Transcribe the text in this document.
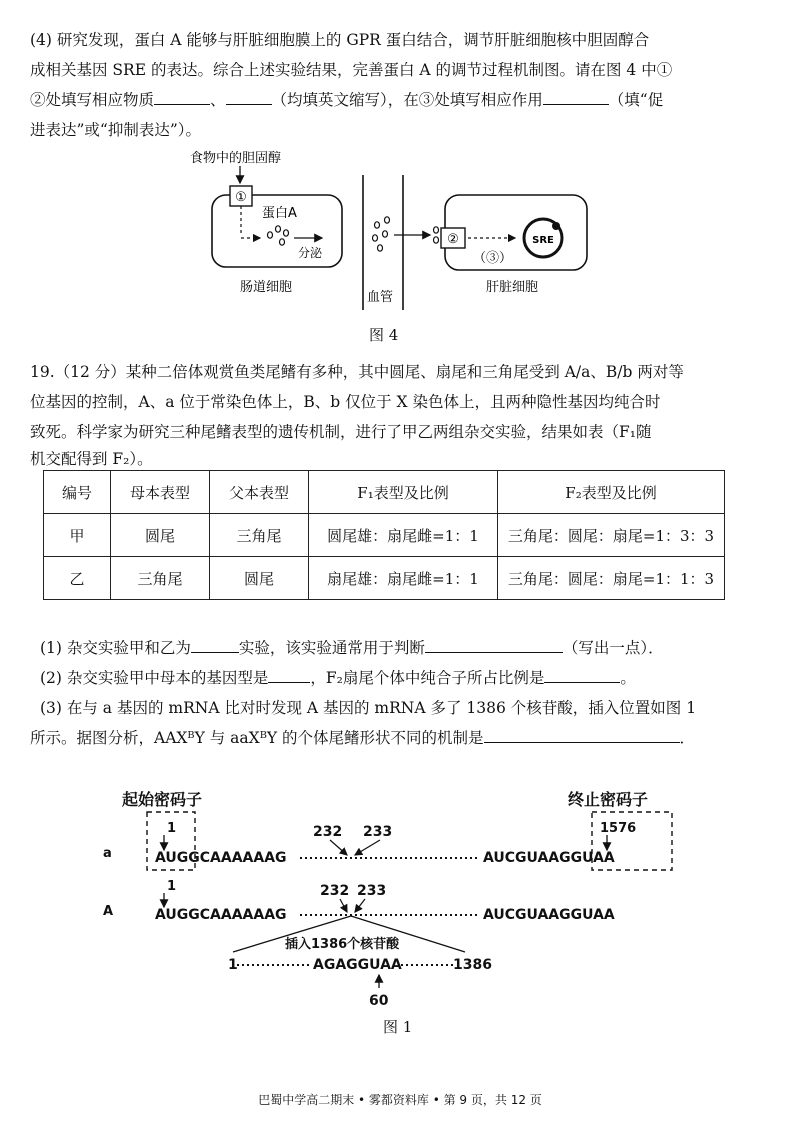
(4) 研究发现，蛋白 A 能够与肝脏细胞膜上的 GPR 蛋白结合，调节肝脏细胞核中胆固醇合

成相关基因 SRE 的表达。综合上述实验结果，完善蛋白 A 的调节过程机制图。请在图 4 中①

②处填写相应物质	、	（均填英文缩写），在③处填写相应作用	（填“促

进表达”或“抑制表达”）。

食物中的胆固醇
①
蛋白A
分泌
肠道细胞
血管
②
（③）
SRE
肝脏细胞
图 4

19.（12 分）某种二倍体观赏鱼类尾鳍有多种，其中圆尾、扇尾和三角尾受到 A/a、B/b 两对等

位基因的控制，A、a 位于常染色体上，B、b 仅位于 X 染色体上，且两种隐性基因均纯合时

致死。科学家为研究三种尾鳍表型的遗传机制，进行了甲乙两组杂交实验，结果如表（F₁随

机交配得到 F₂）。

编号	母本表型	父本表型	F₁表型及比例	F₂表型及比例
甲	圆尾	三角尾	圆尾雄：扇尾雌=1：1	三角尾：圆尾：扇尾=1：3：3
乙	三角尾	圆尾	扇尾雄：扇尾雌=1：1	三角尾：圆尾：扇尾=1：1：3

(1) 杂交实验甲和乙为	实验，该实验通常用于判断	（写出一点）．

(2) 杂交实验甲中母本的基因型是	，F₂扇尾个体中纯合子所占比例是	。

(3) 在与 a 基因的 mRNA 比对时发现 A 基因的 mRNA 多了 1386 个核苷酸，插入位置如图 1

所示。据图分析，AAXᴮY 与 aaXᴮY 的个体尾鳍形状不同的机制是	．

起始密码子	终止密码子
1
a	AUGGCAAAAAAG	AUCGUAAGGUAA
232 233	1576
1
A	AUGGCAAAAAAG	AUCGUAAGGUAA
232 233
插入1386个核苷酸
1	AGAGGUAA	1386
60
图 1
巴蜀中学高二期末 • 雾都资料库 • 第 9 页，共 12 页
